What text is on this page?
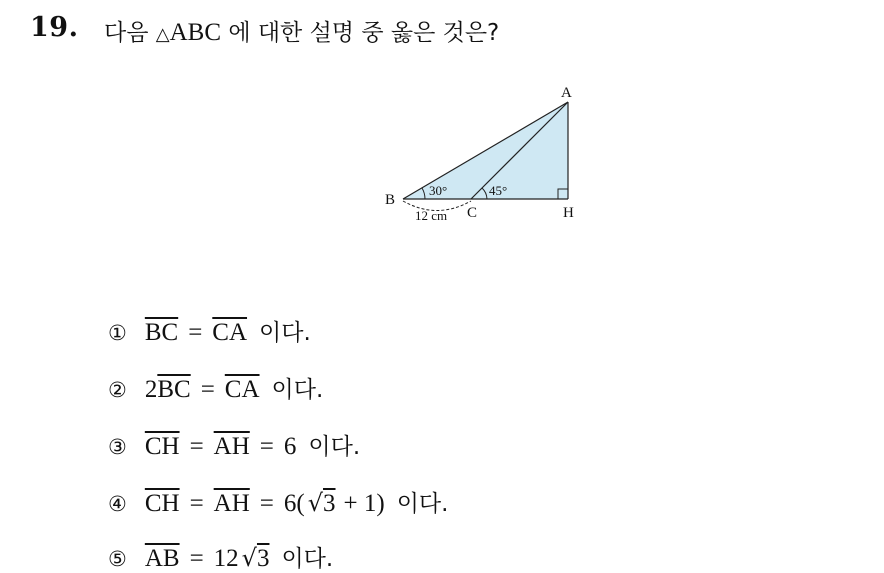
19. 다음 △ABC 에 대한 설명 중 옳은 것은?
A
B
C	H
30°	45°
12 cm
① $\overline{BC} = \overline{CA}$ 이다.
② 2 $\overline{BC} = \overline{CA}$ 이다.
③ $\overline{CH} = \overline{AH} = 6$ 이다.
④ $\overline{CH} = \overline{AH} = 6$( √3 + 1) 이다.
⑤ $\overline{AB} = 12$ √3 이다.
